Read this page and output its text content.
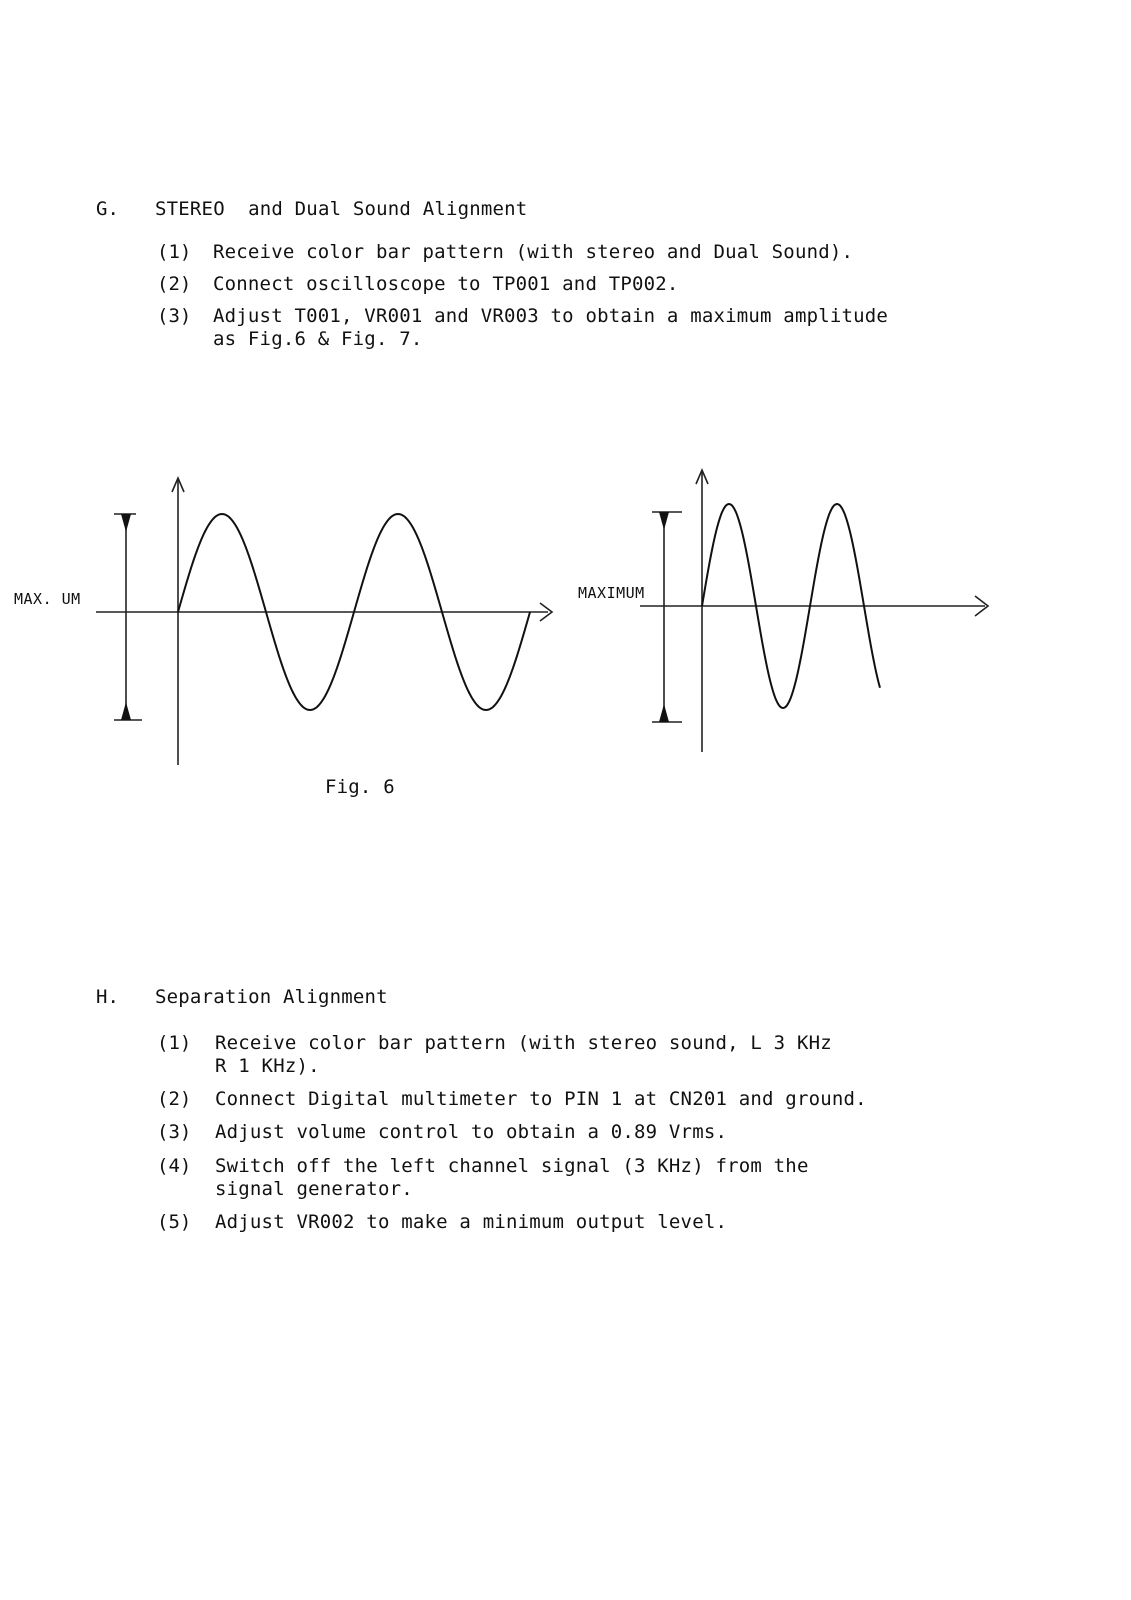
G. STEREO  and Dual Sound Alignment
(1) Receive color bar pattern (with stereo and Dual Sound).
(2) Connect oscilloscope to TP001 and TP002.
(3) Adjust T001, VR001 and VR003 to obtain a maximum amplitude
as Fig.6 & Fig. 7.
MAX. UM	MAXIMUM
Fig. 6
H. Separation Alignment
(1) Receive color bar pattern (with stereo sound, L 3 KHz
R 1 KHz).
(2) Connect Digital multimeter to PIN 1 at CN201 and ground.
(3) Adjust volume control to obtain a 0.89 Vrms.
(4) Switch off the left channel signal (3 KHz) from the
signal generator.
(5) Adjust VR002 to make a minimum output level.
